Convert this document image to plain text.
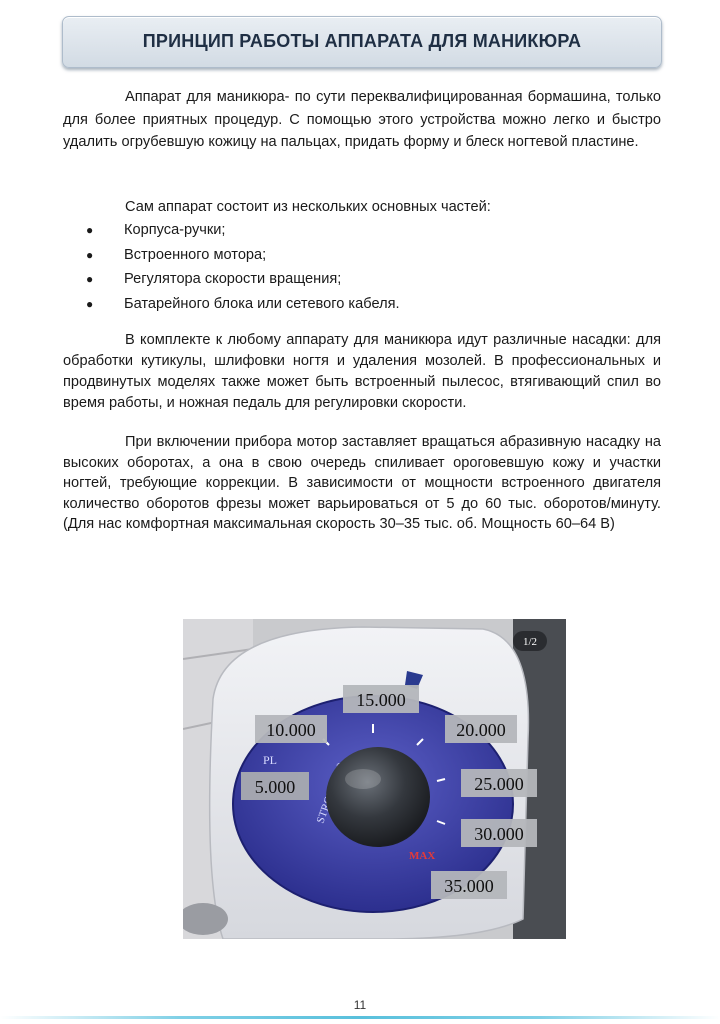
ПРИНЦИП РАБОТЫ АППАРАТА ДЛЯ МАНИКЮРА

Аппарат для маникюра- по сути переквалифицированная бормашина, только для более приятных процедур. С помощью этого устройства можно легко и быстро удалить огрубевшую кожицу на пальцах, придать форму и блеск ногтевой пластине.

Сам аппарат состоит из нескольких основных частей:

● Корпуса-ручки;
● Встроенного мотора;
● Регулятора скорости вращения;
● Батарейного блока или сетевого кабеля.

В комплекте к любому аппарату для маникюра идут различные насадки: для обработки кутикулы, шлифовки ногтя и удаления мозолей. В профессиональных и продвинутых моделях также может быть встроенный пылесос, втягивающий спил во время работы, и ножная педаль для регулировки скорости.

При включении прибора мотор заставляет вращаться абразивную насадку на высоких оборотах, а она в свою очередь спиливает ороговевшую кожу и участки ногтей, требующие коррекции. В зависимости от мощности встроенного двигателя количество оборотов фрезы может варьироваться от 5 до 60 тыс. оборотов/минуту. (Для нас комфортная максимальная скорость 30–35 тыс. об. Мощность 60–64 В)

PL
MAX
1/2
5.000
10.000
15.000
20.000
25.000
30.000
35.000
11
